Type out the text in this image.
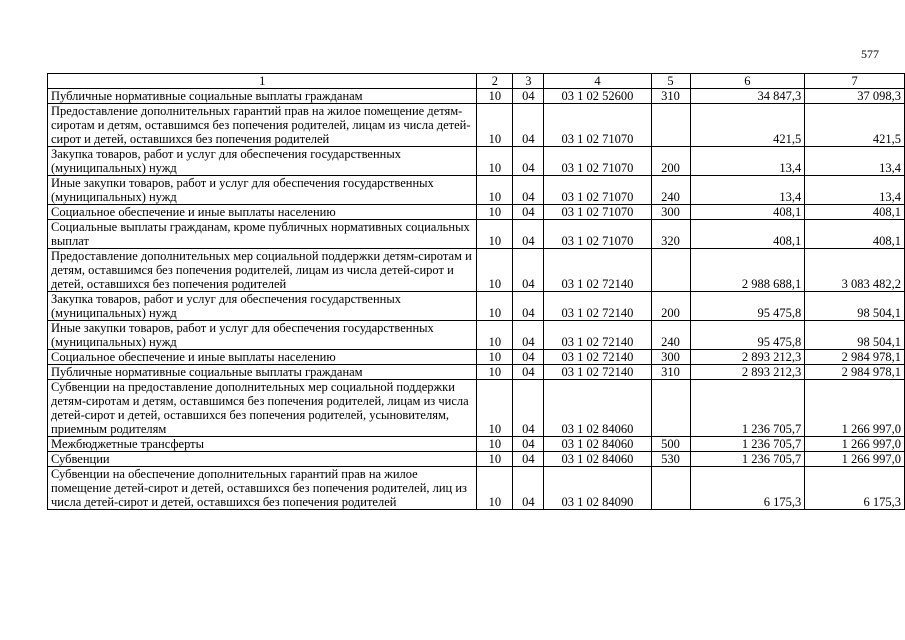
577
1	2	3	4	5	6	7
Публичные нормативные социальные выплаты гражданам	10	04	03 1 02 52600	310	34 847,3	37 098,3
Предоставление дополнительных гарантий прав на жилое помещение детям-сиротам и детям, оставшимся без попечения родителей, лицам из числа детей-сирот и детей, оставшихся без попечения родителей	10	04	03 1 02 71070		421,5	421,5
Закупка товаров, работ и услуг для обеспечения государственных (муниципальных) нужд	10	04	03 1 02 71070	200	13,4	13,4
Иные закупки товаров, работ и услуг для обеспечения государственных (муниципальных) нужд	10	04	03 1 02 71070	240	13,4	13,4
Социальное обеспечение и иные выплаты населению	10	04	03 1 02 71070	300	408,1	408,1
Социальные выплаты гражданам, кроме публичных нормативных социальных выплат	10	04	03 1 02 71070	320	408,1	408,1
Предоставлениe дополнительных мер социальной поддержки детям-сиротам и детям, оставшимся без попечения родителей, лицам из числа детей-сирот и детей, оставшихся без попечения родителей	10	04	03 1 02 72140		2 988 688,1	3 083 482,2
Закупка товаров, работ и услуг для обеспечения государственных (муниципальных) нужд	10	04	03 1 02 72140	200	95 475,8	98 504,1
Иные закупки товаров, работ и услуг для обеспечения государственных (муниципальных) нужд	10	04	03 1 02 72140	240	95 475,8	98 504,1
Социальное обеспечение и иные выплаты населению	10	04	03 1 02 72140	300	2 893 212,3	2 984 978,1
Публичные нормативные социальные выплаты гражданам	10	04	03 1 02 72140	310	2 893 212,3	2 984 978,1
Субвенции на предоставление дополнительных мер социальной поддержки детям-сиротам и детям, оставшимся без попечения родителей, лицам из числа детей-сирот и детей, оставшихся без попечения родителей, усыновителям, приемным родителям	10	04	03 1 02 84060		1 236 705,7	1 266 997,0
Межбюджетные трансферты	10	04	03 1 02 84060	500	1 236 705,7	1 266 997,0
Субвенции	10	04	03 1 02 84060	530	1 236 705,7	1 266 997,0
Субвенции на обеспечение дополнительных гарантий прав на жилое помещение детей-сирот и детей, оставшихся без попечения родителей, лиц из числа детей-сирот и детей, оставшихся без попечения родителей	10	04	03 1 02 84090		6 175,3	6 175,3
